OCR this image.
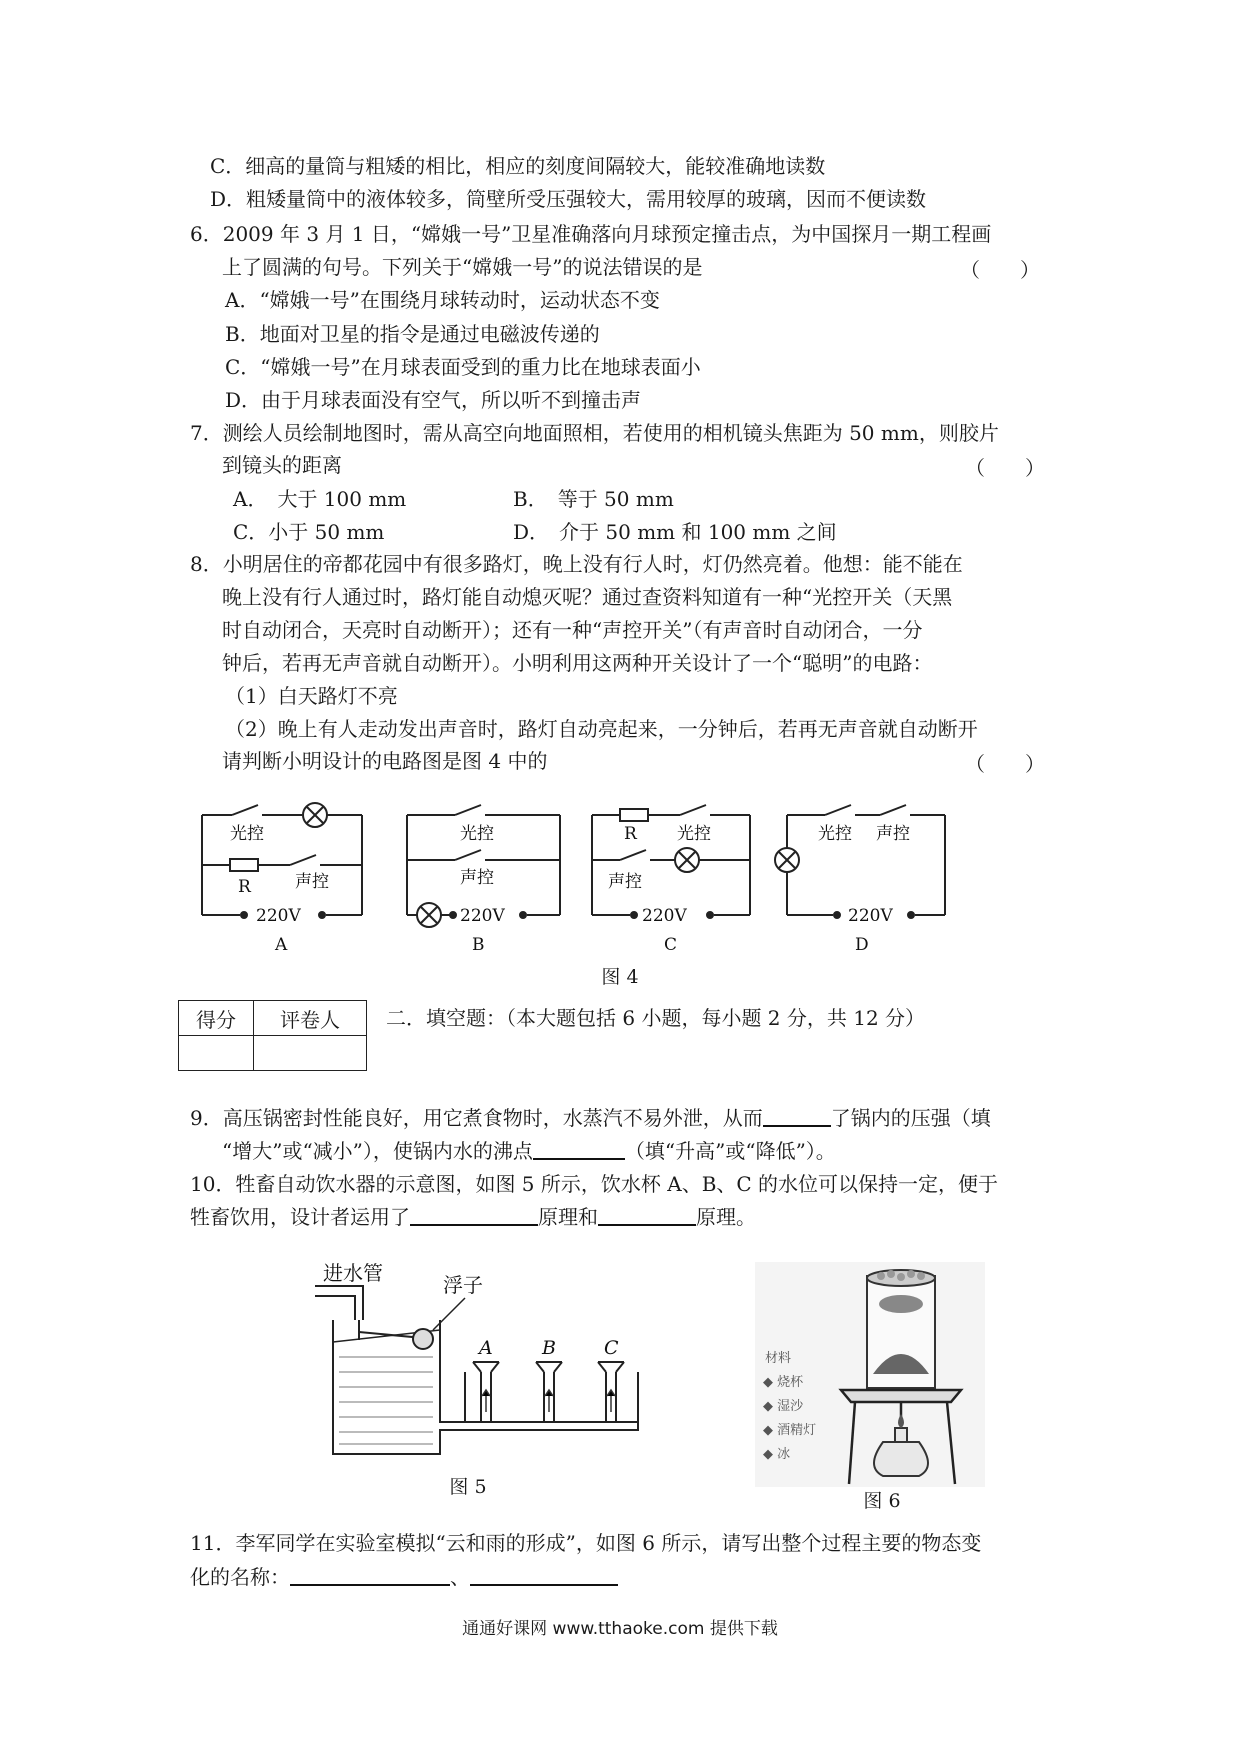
C．细高的量筒与粗矮的相比，相应的刻度间隔较大，能较准确地读数
D．粗矮量筒中的液体较多，筒壁所受压强较大，需用较厚的玻璃，因而不便读数
6．2009 年 3 月 1 日，“嫦娥一号”卫星准确落向月球预定撞击点，为中国探月一期工程画
上了圆满的句号。下列关于“嫦娥一号”的说法错误的是	（　　）
A．“嫦娥一号”在围绕月球转动时，运动状态不变
B．地面对卫星的指令是通过电磁波传递的
C．“嫦娥一号”在月球表面受到的重力比在地球表面小
D．由于月球表面没有空气，所以听不到撞击声
7．测绘人员绘制地图时，需从高空向地面照相，若使用的相机镜头焦距为 50 mm，则胶片
到镜头的距离	（　　）
A．　大于 100 mm	B．　等于 50 mm
C．小于 50 mm	D．　介于 50 mm 和 100 mm 之间
8．小明居住的帝都花园中有很多路灯，晚上没有行人时，灯仍然亮着。他想：能不能在
晚上没有行人通过时，路灯能自动熄灭呢？通过查资料知道有一种“光控开关（天黑
时自动闭合，天亮时自动断开）；还有一种“声控开关”（有声音时自动闭合，一分
钟后，若再无声音就自动断开）。小明利用这两种开关设计了一个“聪明”的电路：
（1）白天路灯不亮
（2）晚上有人走动发出声音时，路灯自动亮起来，一分钟后，若再无声音就自动断开
请判断小明设计的电路图是图 4 中的	（　　）
光控
R	声控
220V
A
光控
声控
220V
B
R 光控
声控
220V
C
光控 声控
220V
D
图 4
得分	评卷人
	二．填空题：（本大题包括 6 小题，每小题 2 分，共 12 分）
9．高压锅密封性能良好，用它煮食物时，水蒸汽不易外泄，从而	了锅内的压强（填
“增大”或“减小”），使锅内水的沸点	（填“升高”或“降低”）。
10．牲畜自动饮水器的示意图，如图 5 所示，饮水杯 A、B、C 的水位可以保持一定，便于
牲畜饮用，设计者运用了	原理和	原理。
进水管	浮子
A	B	C
图 5
材料
◆ 烧杯
◆ 湿沙
◆ 酒精灯
◆ 冰
图 6
11．李军同学在实验室模拟“云和雨的形成”，如图 6 所示，请写出整个过程主要的物态变
化的名称：	、
通通好课网 www.tthaoke.com 提供下载
